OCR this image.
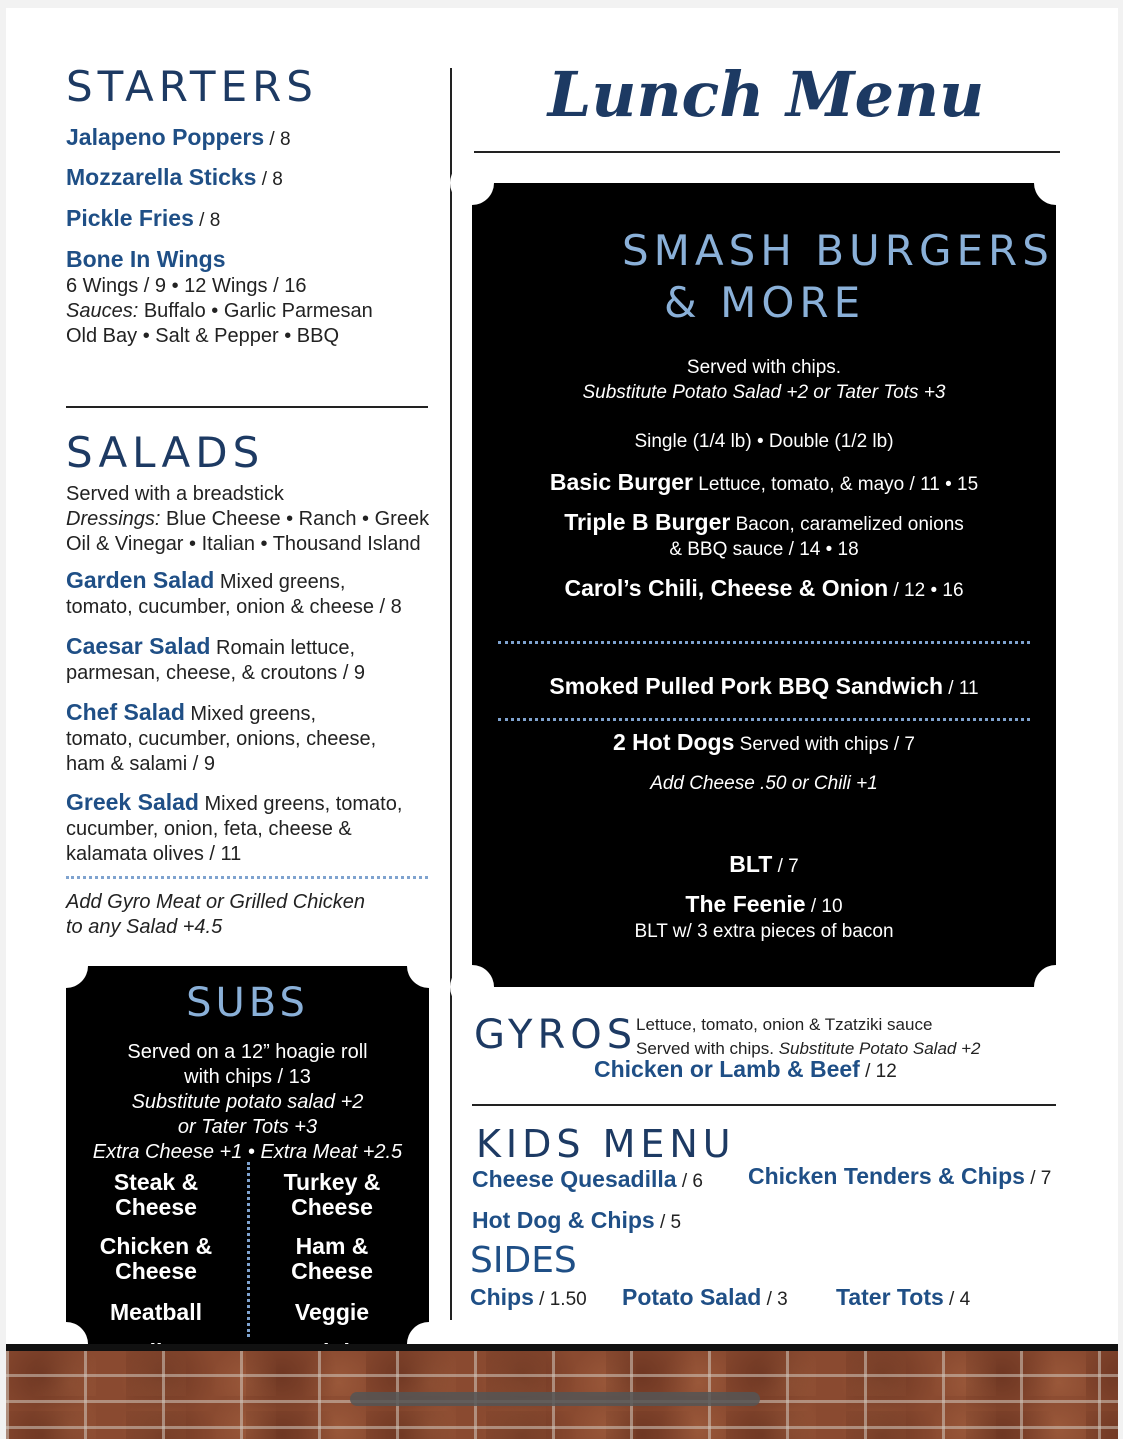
STARTERS
Jalapeno Poppers / 8
Mozzarella Sticks / 8
Pickle Fries / 8
Bone In Wings
6 Wings / 9 • 12 Wings / 16
Sauces: Buffalo • Garlic Parmesan
Old Bay • Salt & Pepper • BBQ
SALADS
Served with a breadstick
Dressings: Blue Cheese • Ranch • Greek
Oil & Vinegar • Italian • Thousand Island
Garden Salad Mixed greens,
tomato, cucumber, onion & cheese / 8
Caesar Salad Romain lettuce,
parmesan, cheese, & croutons / 9
Chef Salad Mixed greens,
tomato, cucumber, onions, cheese,
ham & salami / 9
Greek Salad Mixed greens, tomato,
cucumber, onion, feta, cheese &
kalamata olives / 11
Add Gyro Meat or Grilled Chicken
to any Salad +4.5
SUBS
Served on a 12” hoagie roll
with chips / 13
Substitute potato salad +2
or Tater Tots +3
Extra Cheese +1 • Extra Meat +2.5
Steak &
Cheese
Chicken &
Cheese
Meatball
Turkey &
Cheese
Ham &
Cheese
Veggie
Lunch Menu
SMASH BURGERS
& MORE
Served with chips.
Substitute Potato Salad +2 or Tater Tots +3
Single (1/4 lb) • Double (1/2 lb)
Basic Burger Lettuce, tomato, & mayo / 11 • 15
Triple B Burger Bacon, caramelized onions
& BBQ sauce / 14 • 18
Carol’s Chili, Cheese & Onion / 12 • 16
Smoked Pulled Pork BBQ Sandwich / 11
2 Hot Dogs Served with chips / 7
Add Cheese .50 or Chili +1
BLT / 7
The Feenie / 10
BLT w/ 3 extra pieces of bacon
GYROS
Lettuce, tomato, onion & Tzatziki sauce
Served with chips. Substitute Potato Salad +2
Chicken or Lamb & Beef / 12
KIDS MENU
Cheese Quesadilla / 6 Chicken Tenders & Chips / 7
Hot Dog & Chips / 5
SIDES
Chips / 1.50 Potato Salad / 3 Tater Tots / 4
